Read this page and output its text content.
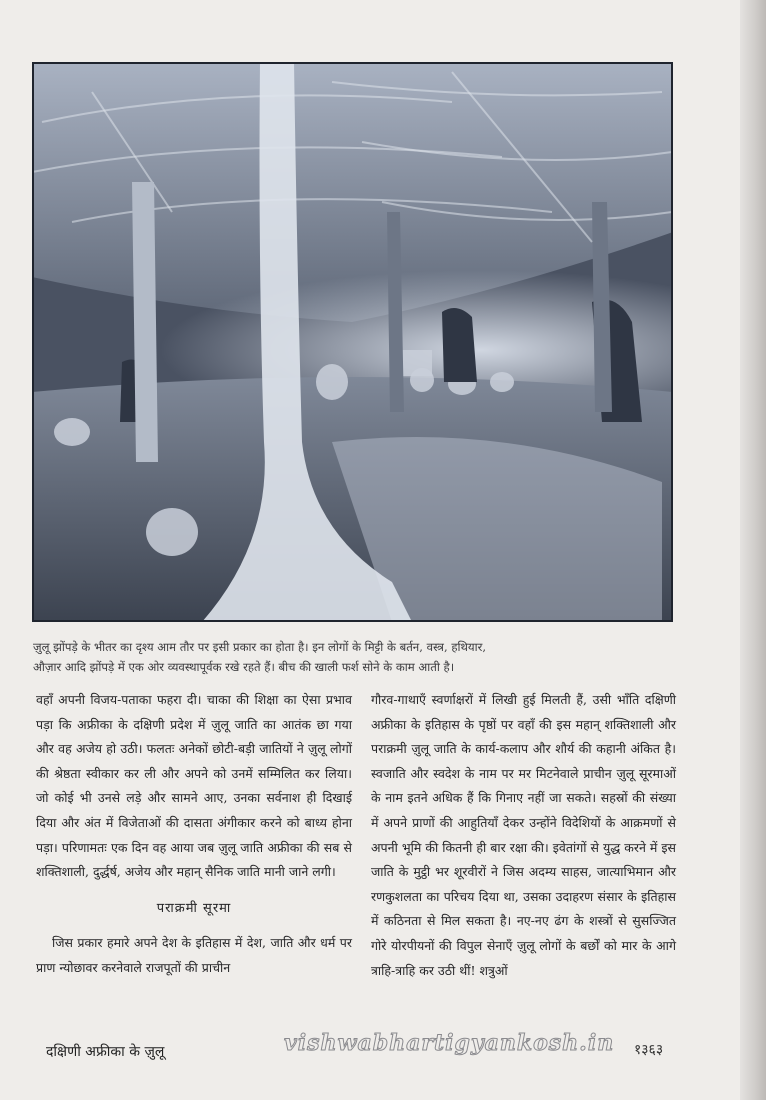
ज़ुलू झोंपड़े के भीतर का दृश्य आम तौर पर इसी प्रकार का होता है। इन लोगों के मिट्टी के बर्तन, वस्त्र, हथियार,

औज़ार आदि झोंपड़े में एक ओर व्यवस्थापूर्वक रखे रहते हैं। बीच की खाली फर्श सोने के काम आती है।

वहाँ अपनी विजय-पताका फहरा दी। चाका की शिक्षा का ऐसा प्रभाव पड़ा कि अफ्रीका के दक्षिणी प्रदेश में ज़ुलू जाति का आतंक छा गया और वह अजेय हो उठी। फलतः अनेकों छोटी-बड़ी जातियों ने ज़ुलू लोगों की श्रेष्ठता स्वीकार कर ली और अपने को उनमें सम्मिलित कर लिया। जो कोई भी उनसे लड़े और सामने आए, उनका सर्वनाश ही दिखाई दिया और अंत में विजेताओं की दासता अंगीकार करने को बाध्य होना पड़ा। परिणामतः एक दिन वह आया जब ज़ुलू जाति अफ्रीका की सब से शक्तिशाली, दुर्द्धर्ष, अजेय और महान् सैनिक जाति मानी जाने लगी।

पराक्रमी सूरमा

जिस प्रकार हमारे अपने देश के इतिहास में देश, जाति और धर्म पर प्राण न्योछावर करनेवाले राजपूतों की प्राचीन

गौरव-गाथाएँ स्वर्णाक्षरों में लिखी हुई मिलती हैं, उसी भाँति दक्षिणी अफ्रीका के इतिहास के पृष्ठों पर वहाँ की इस महान् शक्तिशाली और पराक्रमी ज़ुलू जाति के कार्य-कलाप और शौर्य की कहानी अंकित है। स्वजाति और स्वदेश के नाम पर मर मिटनेवाले प्राचीन ज़ुलू सूरमाओं के नाम इतने अधिक हैं कि गिनाए नहीं जा सकते। सहस्रों की संख्या में अपने प्राणों की आहुतियाँ देकर उन्होंने विदेशियों के आक्रमणों से अपनी भूमि की कितनी ही बार रक्षा की। इवेतांगों से युद्ध करने में इस जाति के मुट्ठी भर शूरवीरों ने जिस अदम्य साहस, जात्याभिमान और रणकुशलता का परिचय दिया था, उसका उदाहरण संसार के इतिहास में कठिनता से मिल सकता है। नए-नए ढंग के शस्त्रों से सुसज्जित गोरे योरपीयनों की विपुल सेनाएँ ज़ुलू लोगों के बर्छों को मार के आगे त्राहि-त्राहि कर उठी थीं! शत्रुओं

दक्षिणी अफ्रीका के ज़ुलू	vishwabhartigyankosh.in १३६३
